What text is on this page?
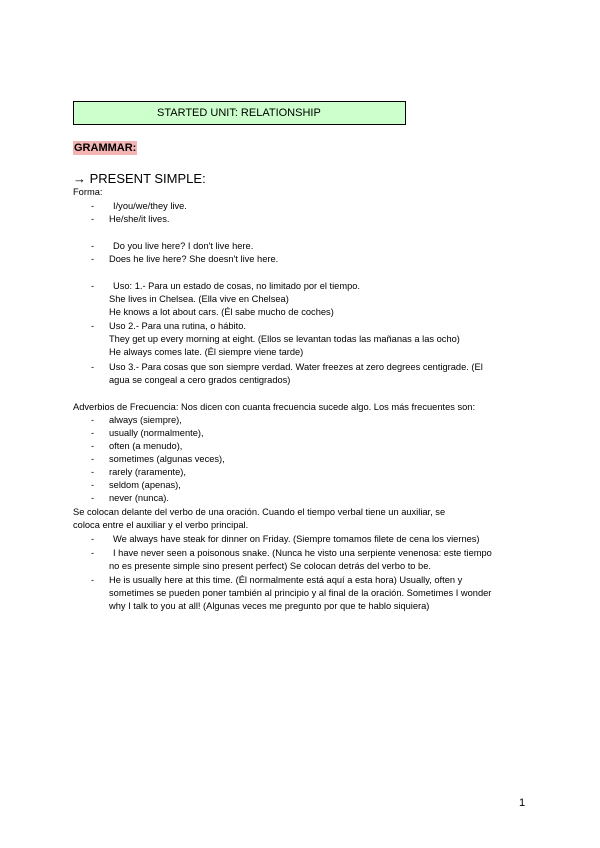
STARTED UNIT: RELATIONSHIP
GRAMMAR:
→ PRESENT SIMPLE:
Forma:
- I/you/we/they live.
- He/she/it lives.
- Do you live here? I don't live here.
- Does he live here? She doesn't live here.
- Uso: 1.- Para un estado de cosas, no limitado por el tiempo.
She lives in Chelsea. (Ella vive en Chelsea)
He knows a lot about cars. (Él sabe mucho de coches)
- Uso 2.- Para una rutina, o hábito.
They get up every morning at eight. (Ellos se levantan todas las mañanas a las ocho)
He always comes late. (Él siempre viene tarde)
- Uso 3.- Para cosas que son siempre verdad. Water freezes at zero degrees centigrade. (El
agua se congeal a cero grados centigrados)
Adverbios de Frecuencia: Nos dicen con cuanta frecuencia sucede algo. Los más frecuentes son:
- always (siempre),
- usually (normalmente),
- often (a menudo),
- sometimes (algunas veces),
- rarely (raramente),
- seldom (apenas),
- never (nunca).
Se colocan delante del verbo de una oración. Cuando el tiempo verbal tiene un auxiliar, se
coloca entre el auxiliar y el verbo principal.
- We always have steak for dinner on Friday. (Siempre tomamos filete de cena los viernes)
- I have never seen a poisonous snake. (Nunca he visto una serpiente venenosa: este tiempo
no es presente simple sino present perfect) Se colocan detrás del verbo to be.
- He is usually here at this time. (Él normalmente está aquí a esta hora) Usually, often y
sometimes se pueden poner también al principio y al final de la oración. Sometimes I wonder
why I talk to you at all! (Algunas veces me pregunto por que te hablo siquiera)
1
